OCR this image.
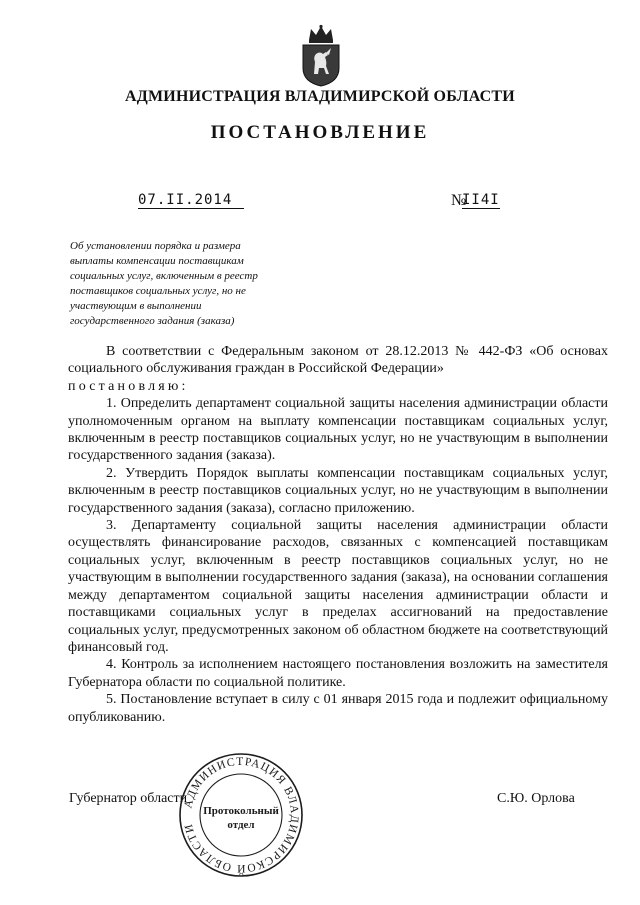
АДМИНИСТРАЦИЯ ВЛАДИМИРСКОЙ ОБЛАСТИ
ПОСТАНОВЛЕНИЕ
07.II.2014	№
II4I
Об установлении порядка и размера
выплаты компенсации поставщикам
социальных услуг, включенным в реестр
поставщиков социальных услуг, но не
участвующим в выполнении
государственного задания (заказа)

В соответствии с Федеральным законом от 28.12.2013 № 442-ФЗ «Об основах социального обслуживания граждан в Российской Федерации»

постановляю:

1. Определить департамент социальной защиты населения администрации области уполномоченным органом на выплату компенсации поставщикам социальных услуг, включенным в реестр поставщиков социальных услуг, но не участвующим в выполнении государственного задания (заказа).

2. Утвердить Порядок выплаты компенсации поставщикам социальных услуг, включенным в реестр поставщиков социальных услуг, но не участвующим в выполнении государственного задания (заказа), согласно приложению.

3. Департаменту социальной защиты населения администрации области осуществлять финансирование расходов, связанных с компенсацией поставщикам социальных услуг, включенным в реестр поставщиков социальных услуг, но не участвующим в выполнении государственного задания (заказа), на основании соглашения между департаментом социальной защиты населения администрации области и поставщиками социальных услуг в пределах ассигнований на предоставление социальных услуг, предусмотренных законом об областном бюджете на соответствующий финансовый год.

4. Контроль за исполнением настоящего постановления возложить на заместителя Губернатора области по социальной политике.

5. Постановление вступает в силу с 01 января 2015 года и подлежит официальному опубликованию.

Губернатор области	С.Ю. Орлова
АДМИНИСТРАЦИЯ ВЛАДИМИРСКОЙ ОБЛАСТИ
Протокольный
отдел
